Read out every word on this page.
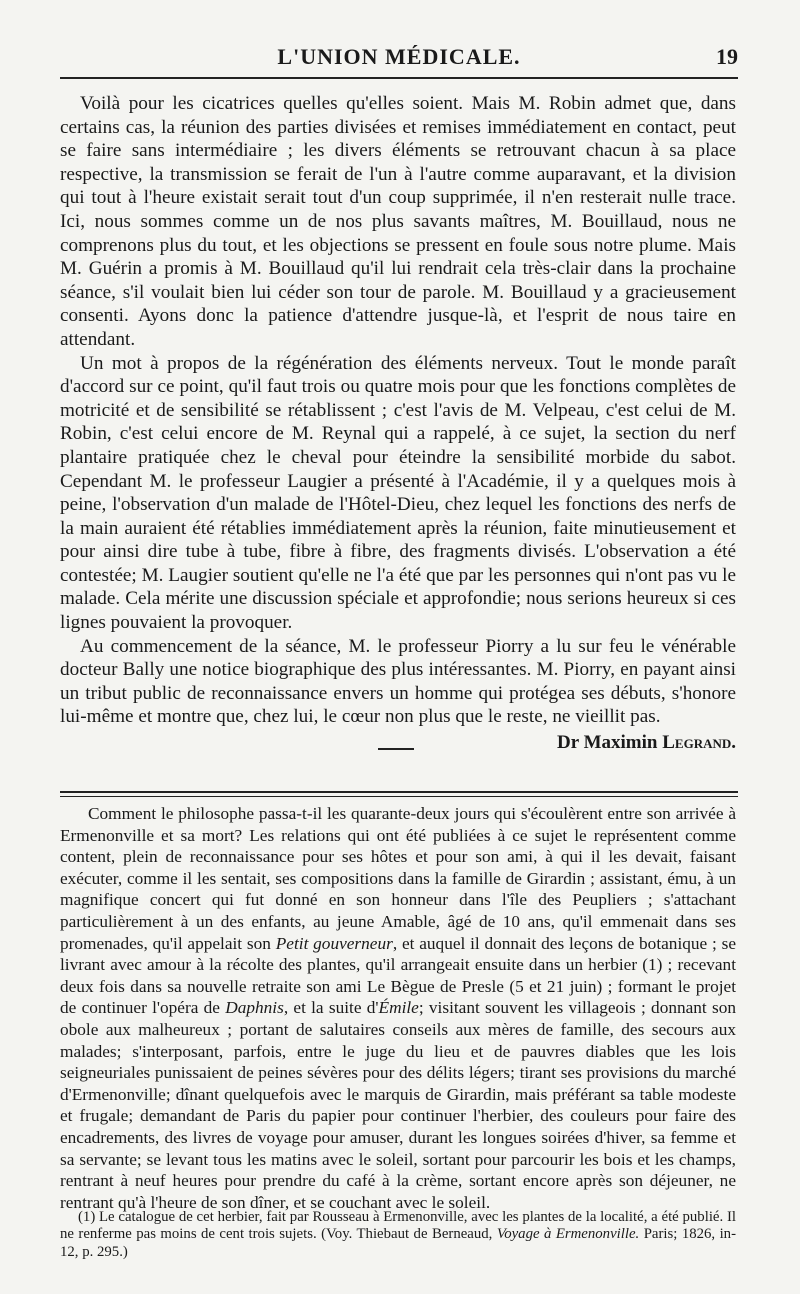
L'UNION MÉDICALE.	19

Voilà pour les cicatrices quelles qu'elles soient. Mais M. Robin admet que, dans certains cas, la réunion des parties divisées et remises immédiatement en contact, peut se faire sans intermédiaire ; les divers éléments se retrouvant chacun à sa place respective, la transmission se ferait de l'un à l'autre comme auparavant, et la division qui tout à l'heure existait serait tout d'un coup supprimée, il n'en resterait nulle trace. Ici, nous sommes comme un de nos plus savants maîtres, M. Bouillaud, nous ne comprenons plus du tout, et les objections se pressent en foule sous notre plume. Mais M. Guérin a promis à M. Bouillaud qu'il lui rendrait cela très-clair dans la prochaine séance, s'il voulait bien lui céder son tour de parole. M. Bouillaud y a gracieusement consenti. Ayons donc la patience d'attendre jusque-là, et l'esprit de nous taire en attendant.

Un mot à propos de la régénération des éléments nerveux. Tout le monde paraît d'accord sur ce point, qu'il faut trois ou quatre mois pour que les fonctions complètes de motricité et de sensibilité se rétablissent ; c'est l'avis de M. Velpeau, c'est celui de M. Robin, c'est celui encore de M. Reynal qui a rappelé, à ce sujet, la section du nerf plantaire pratiquée chez le cheval pour éteindre la sensibilité morbide du sabot. Cependant M. le professeur Laugier a présenté à l'Académie, il y a quelques mois à peine, l'observation d'un malade de l'Hôtel-Dieu, chez lequel les fonctions des nerfs de la main auraient été rétablies immédiatement après la réunion, faite minutieusement et pour ainsi dire tube à tube, fibre à fibre, des fragments divisés. L'observation a été contestée; M. Laugier soutient qu'elle ne l'a été que par les personnes qui n'ont pas vu le malade. Cela mérite une discussion spéciale et approfondie; nous serions heureux si ces lignes pouvaient la provoquer.

Au commencement de la séance, M. le professeur Piorry a lu sur feu le vénérable docteur Bally une notice biographique des plus intéressantes. M. Piorry, en payant ainsi un tribut public de reconnaissance envers un homme qui protégea ses débuts, s'honore lui-même et montre que, chez lui, le cœur non plus que le reste, ne vieillit pas.

Dr Maximin Legrand.

Comment le philosophe passa-t-il les quarante-deux jours qui s'écoulèrent entre son arrivée à Ermenonville et sa mort? Les relations qui ont été publiées à ce sujet le représentent comme content, plein de reconnaissance pour ses hôtes et pour son ami, à qui il les devait, faisant exécuter, comme il les sentait, ses compositions dans la famille de Girardin ; assistant, ému, à un magnifique concert qui fut donné en son honneur dans l'île des Peupliers ; s'attachant particulièrement à un des enfants, au jeune Amable, âgé de 10 ans, qu'il emmenait dans ses promenades, qu'il appelait son Petit gouverneur, et auquel il donnait des leçons de botanique ; se livrant avec amour à la récolte des plantes, qu'il arrangeait ensuite dans un herbier (1) ; recevant deux fois dans sa nouvelle retraite son ami Le Bègue de Presle (5 et 21 juin) ; formant le projet de continuer l'opéra de Daphnis, et la suite d'Émile; visitant souvent les villageois ; donnant son obole aux malheureux ; portant de salutaires conseils aux mères de famille, des secours aux malades; s'interposant, parfois, entre le juge du lieu et de pauvres diables que les lois seigneuriales punissaient de peines sévères pour des délits légers; tirant ses provisions du marché d'Ermenonville; dînant quelquefois avec le marquis de Girardin, mais préférant sa table modeste et frugale; demandant de Paris du papier pour continuer l'herbier, des couleurs pour faire des encadrements, des livres de voyage pour amuser, durant les longues soirées d'hiver, sa femme et sa servante; se levant tous les matins avec le soleil, sortant pour parcourir les bois et les champs, rentrant à neuf heures pour prendre du café à la crème, sortant encore après son déjeuner, ne rentrant qu'à l'heure de son dîner, et se couchant avec le soleil.

(1) Le catalogue de cet herbier, fait par Rousseau à Ermenonville, avec les plantes de la localité, a été publié. Il ne renferme pas moins de cent trois sujets. (Voy. Thiebaut de Berneaud, Voyage à Ermenonville. Paris; 1826, in-12, p. 295.)
